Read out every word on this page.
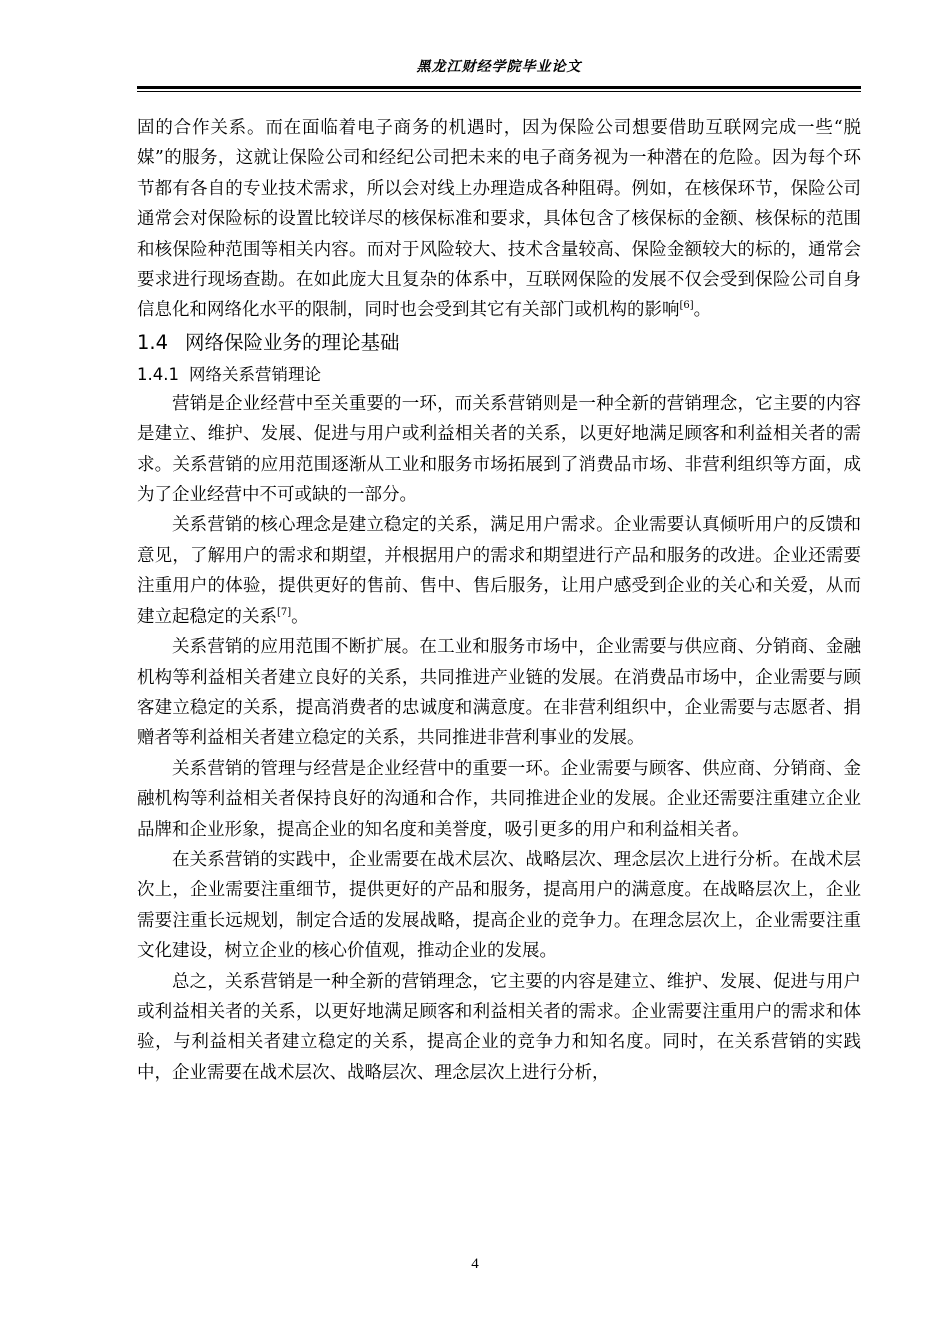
黑龙江财经学院毕业论文

固的合作关系。而在面临着电子商务的机遇时，因为保险公司想要借助互联网完成一些“脱媒”的服务，这就让保险公司和经纪公司把未来的电子商务视为一种潜在的危险。因为每个环节都有各自的专业技术需求，所以会对线上办理造成各种阻碍。例如，在核保环节，保险公司通常会对保险标的设置比较详尽的核保标准和要求，具体包含了核保标的金额、核保标的范围和核保险种范围等相关内容。而对于风险较大、技术含量较高、保险金额较大的标的，通常会要求进行现场查勘。在如此庞大且复杂的体系中，互联网保险的发展不仅会受到保险公司自身信息化和网络化水平的限制，同时也会受到其它有关部门或机构的影响[6]。

1.4 网络保险业务的理论基础
1.4.1 网络关系营销理论

营销是企业经营中至关重要的一环，而关系营销则是一种全新的营销理念，它主要的内容是建立、维护、发展、促进与用户或利益相关者的关系，以更好地满足顾客和利益相关者的需求。关系营销的应用范围逐渐从工业和服务市场拓展到了消费品市场、非营利组织等方面，成为了企业经营中不可或缺的一部分。

关系营销的核心理念是建立稳定的关系，满足用户需求。企业需要认真倾听用户的反馈和意见，了解用户的需求和期望，并根据用户的需求和期望进行产品和服务的改进。企业还需要注重用户的体验，提供更好的售前、售中、售后服务，让用户感受到企业的关心和关爱，从而建立起稳定的关系[7]。

关系营销的应用范围不断扩展。在工业和服务市场中，企业需要与供应商、分销商、金融机构等利益相关者建立良好的关系，共同推进产业链的发展。在消费品市场中，企业需要与顾客建立稳定的关系，提高消费者的忠诚度和满意度。在非营利组织中，企业需要与志愿者、捐赠者等利益相关者建立稳定的关系，共同推进非营利事业的发展。

关系营销的管理与经营是企业经营中的重要一环。企业需要与顾客、供应商、分销商、金融机构等利益相关者保持良好的沟通和合作，共同推进企业的发展。企业还需要注重建立企业品牌和企业形象，提高企业的知名度和美誉度，吸引更多的用户和利益相关者。

在关系营销的实践中，企业需要在战术层次、战略层次、理念层次上进行分析。在战术层次上，企业需要注重细节，提供更好的产品和服务，提高用户的满意度。在战略层次上，企业需要注重长远规划，制定合适的发展战略，提高企业的竞争力。在理念层次上，企业需要注重文化建设，树立企业的核心价值观，推动企业的发展。

总之，关系营销是一种全新的营销理念，它主要的内容是建立、维护、发展、促进与用户或利益相关者的关系，以更好地满足顾客和利益相关者的需求。企业需要注重用户的需求和体验，与利益相关者建立稳定的关系，提高企业的竞争力和知名度。同时，在关系营销的实践中，企业需要在战术层次、战略层次、理念层次上进行分析，

4
